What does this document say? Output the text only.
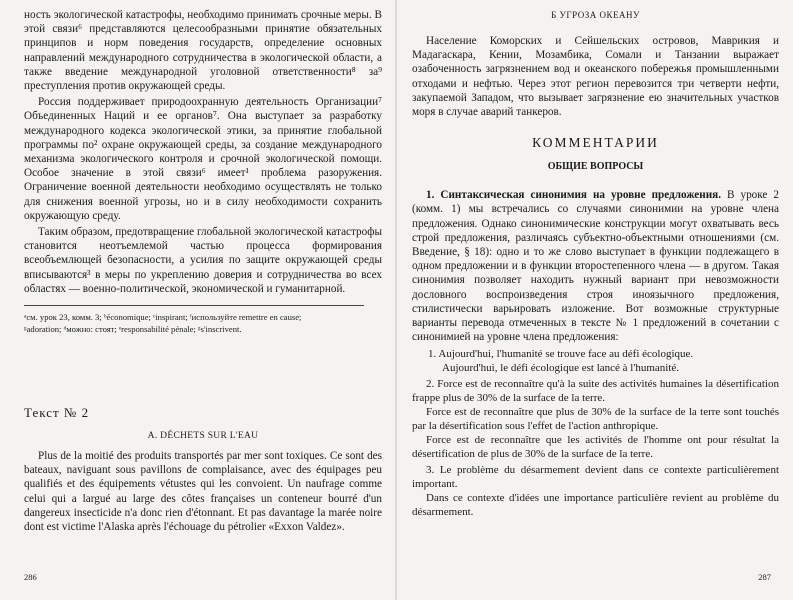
ность экологической катастрофы, необходимо принимать срочные меры. В этой связи⁶ представляются целесообразными принятие обязательных принципов и норм поведения государств, определение основных направлений международного сотрудничества в экологической области, а также введение международной уголовной ответственности⁸ за⁹ преступления против окружающей среды.

Россия поддерживает природоохранную деятельность Организации⁷ Объединенных Наций и ее органов⁷. Она выступает за разработку международного кодекса экологической этики, за принятие глобальной программы по² охране окружающей среды, за создание международного механизма экологического контроля и срочной экологической помощи. Особое значение в этой связи⁶ имеет¹ проблема разоружения. Ограничение военной деятельности необходимо осуществлять не только для снижения военной угрозы, но и в силу необходимости сохранить окружающую среду.

Таким образом, предотвращение глобальной экологической катастрофы становится неотъемлемой частью процесса формирования всеобъемлющей безопасности, а усилия по защите окружающей среды вписываются³ в меры по укреплению доверия и сотрудничества во всех областях — военно-политической, экономической и гуманитарной.

ᵃсм. урок 23, комм. 3; ᵇéconomique; ᶜinspirant; ᶠиспользуйте remettre en cause;

ᵍadoration; ᵈможно: стоят; ᵉresponsabilité pénale; ᵍs'inscrivent.

Текст № 2
A. DÉCHETS SUR L'EAU

Plus de la moitié des produits transportés par mer sont toxiques. Ce sont des bateaux, naviguant sous pavillons de complaisance, avec des équipages peu qualifiés et des équipements vétustes qui les convoient. Un naufrage comme celui qui a largué au large des côtes françaises un conteneur bourré d'un dangereux insecticide n'a donc rien d'étonnant. Et pas davantage la marée noire dont est victime l'Alaska après l'échouage du pétrolier «Exxon Valdez».

286
Б УГРОЗА ОКЕАНУ

Население Коморских и Сейшельских островов, Маврикия и Мадагаскара, Кении, Мозамбика, Сомали и Танзании выражает озабоченность загрязнением вод и океанского побережья промышленными отходами и нефтью. Через этот регион перевозится три четверти нефти, закупаемой Западом, что вызывает загрязнение ею значительных участков моря в случае аварий танкеров.

КОММЕНТАРИИ
ОБЩИЕ ВОПРОСЫ

1. Синтаксическая синонимия на уровне предложения. В уроке 2 (комм. 1) мы встречались со случаями синонимии на уровне члена предложения. Однако синонимические конструкции могут охватывать весь строй предложения, различаясь субъектно-объектными отношениями (см. Введение, § 18): одно и то же слово выступает в функции подлежащего в одном предложении и в функции второстепенного члена — в другом. Такая синонимия позволяет находить нужный вариант при невозможности дословного воспроизведения строя иноязычного предложения, стилистически варьировать изложение. Вот возможные структурные варианты перевода отмеченных в тексте № 1 предложений в сочетании с синонимией на уровне члена предложения:

1. Aujourd'hui, l'humanité se trouve face au défi écologique.

Aujourd'hui, le défi écologique est lancé à l'humanité.

2. Force est de reconnaître qu'à la suite des activités humaines la désertification frappe plus de 30% de la surface de la terre.

Force est de reconnaître que plus de 30% de la surface de la terre sont touchés par la désertification sous l'effet de l'action anthropique.

Force est de reconnaître que les activités de l'homme ont pour résultat la désertification de plus de 30% de la surface de la terre.

3. Le problème du désarmement devient dans ce contexte particulièrement important.

Dans ce contexte d'idées une importance particulière revient au problème du désarmement.

287
